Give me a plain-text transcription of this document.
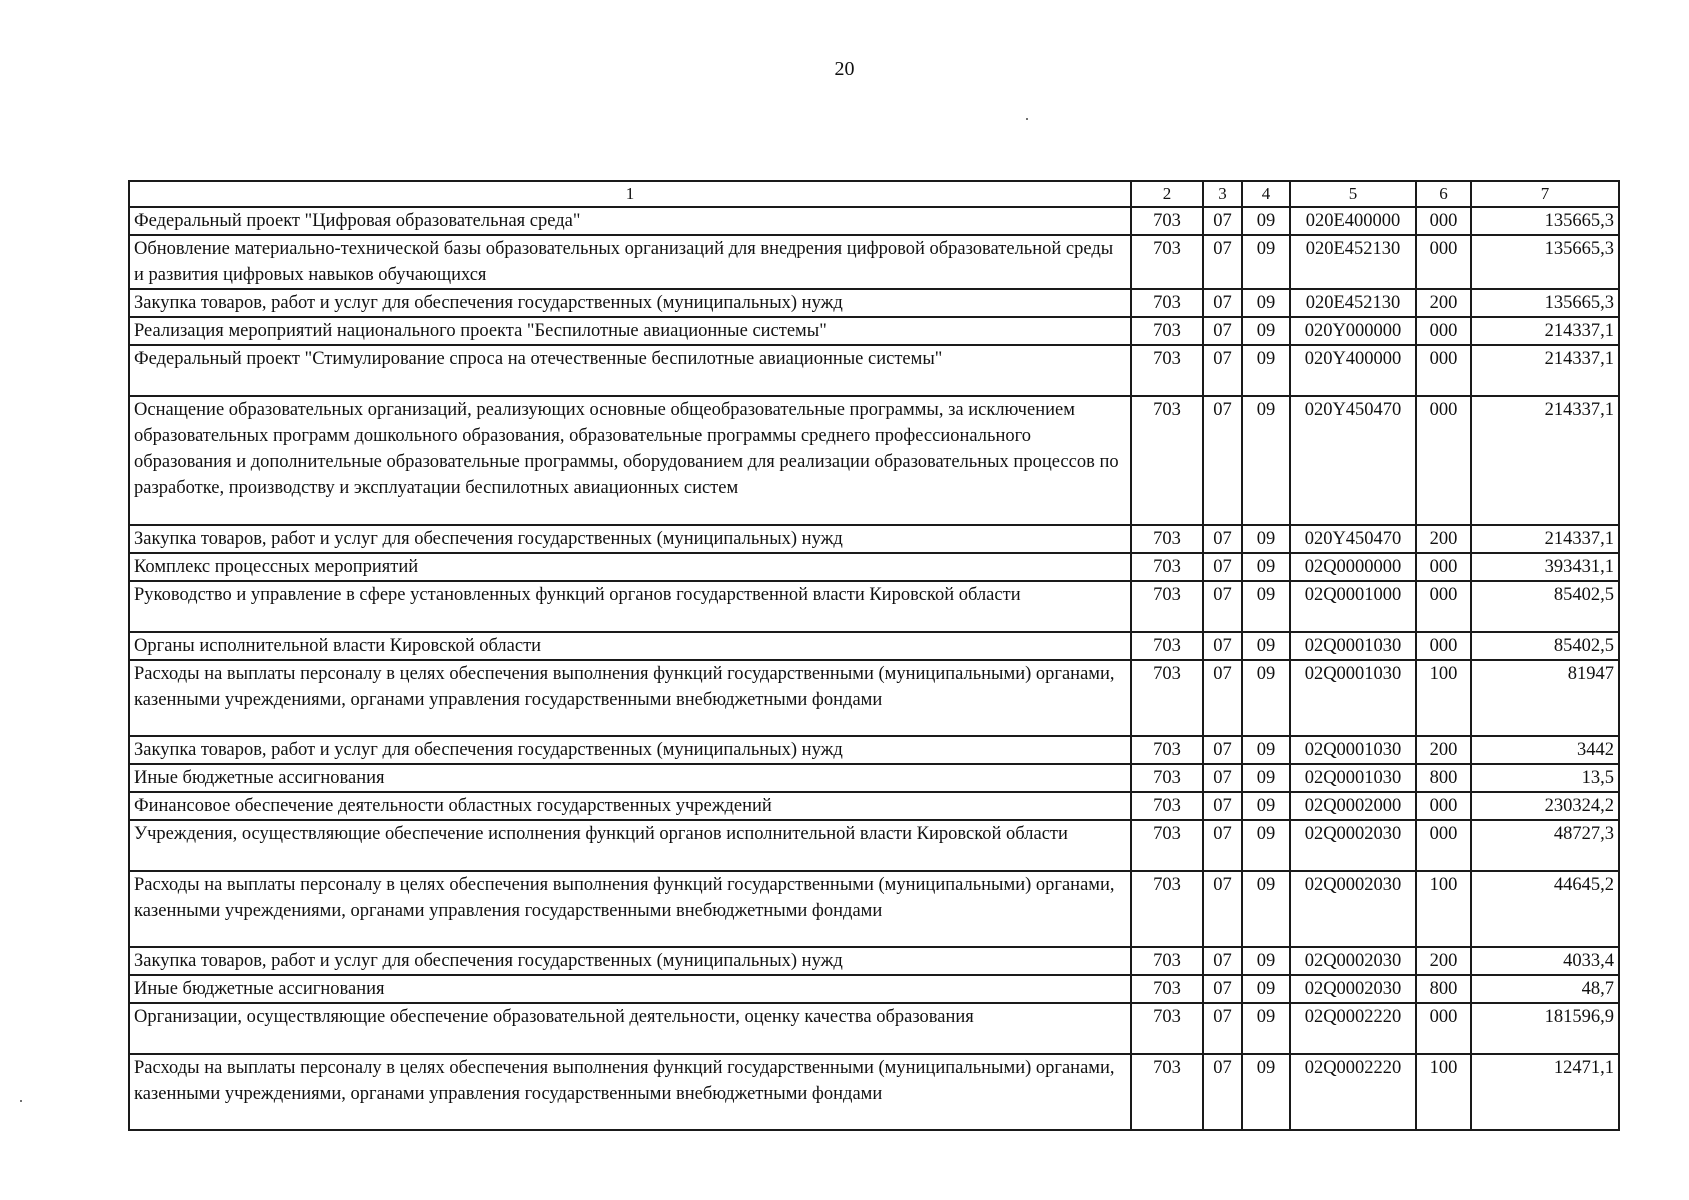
20
1	2	3	4	5	6	7
Федеральный проект "Цифровая образовательная среда"	703	07	09	020E400000	000	135665,3
Обновление материально-технической базы образовательных организаций для внедрения цифровой образовательной среды и развития цифровых навыков обучающихся	703	07	09	020E452130	000	135665,3
Закупка товаров, работ и услуг для обеспечения государственных (муниципальных) нужд	703	07	09	020E452130	200	135665,3
Реализация мероприятий национального проекта "Беспилотные авиационные системы"	703	07	09	020Y000000	000	214337,1
Федеральный проект "Стимулирование спроса на отечественные беспилотные авиационные системы"	703	07	09	020Y400000	000	214337,1
Оснащение образовательных организаций, реализующих основные общеобразовательные программы, за исключением образовательных программ дошкольного образования, образовательные программы среднего профессионального образования и дополнительные образовательные программы, оборудованием для реализации образовательных процессов по разработке, производству и эксплуатации беспилотных авиационных систем	703	07	09	020Y450470	000	214337,1
Закупка товаров, работ и услуг для обеспечения государственных (муниципальных) нужд	703	07	09	020Y450470	200	214337,1
Комплекс процессных мероприятий	703	07	09	02Q0000000	000	393431,1
Руководство и управление в сфере установленных функций органов государственной власти Кировской области	703	07	09	02Q0001000	000	85402,5
Органы исполнительной власти Кировской области	703	07	09	02Q0001030	000	85402,5
Расходы на выплаты персоналу в целях обеспечения выполнения функций государственными (муниципальными) органами, казенными учреждениями, органами управления государственными внебюджетными фондами	703	07	09	02Q0001030	100	81947
Закупка товаров, работ и услуг для обеспечения государственных (муниципальных) нужд	703	07	09	02Q0001030	200	3442
Иные бюджетные ассигнования	703	07	09	02Q0001030	800	13,5
Финансовое обеспечение деятельности областных государственных учреждений	703	07	09	02Q0002000	000	230324,2
Учреждения, осуществляющие обеспечение исполнения функций органов исполнительной власти Кировской области	703	07	09	02Q0002030	000	48727,3
Расходы на выплаты персоналу в целях обеспечения выполнения функций государственными (муниципальными) органами, казенными учреждениями, органами управления государственными внебюджетными фондами	703	07	09	02Q0002030	100	44645,2
Закупка товаров, работ и услуг для обеспечения государственных (муниципальных) нужд	703	07	09	02Q0002030	200	4033,4
Иные бюджетные ассигнования	703	07	09	02Q0002030	800	48,7
Организации, осуществляющие обеспечение образовательной деятельности, оценку качества образования	703	07	09	02Q0002220	000	181596,9
Расходы на выплаты персоналу в целях обеспечения выполнения функций государственными (муниципальными) органами, казенными учреждениями, органами управления государственными внебюджетными фондами	703	07	09	02Q0002220	100	12471,1
